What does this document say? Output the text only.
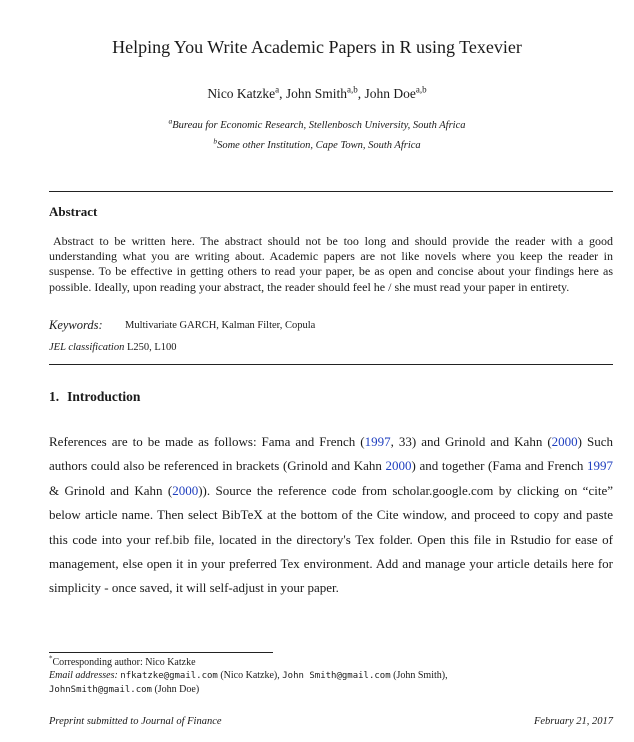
Helping You Write Academic Papers in R using Texevier
Nico Katzke$^a$, John Smith$^{a,b}$, John Doe$^{a,b}$
$^a$Bureau for Economic Research, Stellenbosch University, South Africa
$^b$Some other Institution, Cape Town, South Africa
Abstract
Abstract to be written here. The abstract should not be too long and should provide the reader with a good understanding what you are writing about. Academic papers are not like novels where you keep the reader in suspense. To be effective in getting others to read your paper, be as open and concise about your findings here as possible. Ideally, upon reading your abstract, the reader should feel he / she must read your paper in entirety.
Keywords: Multivariate GARCH, Kalman Filter, Copula
JEL classification L250, L100
1. Introduction
References are to be made as follows: Fama and French (1997, 33) and Grinold and Kahn (2000) Such authors could also be referenced in brackets (Grinold and Kahn 2000) and together (Fama and French 1997 & Grinold and Kahn (2000)). Source the reference code from scholar.google.com by clicking on “cite” below article name. Then select BibTeX at the bottom of the Cite window, and proceed to copy and paste this code into your ref.bib file, located in the directory's Tex folder. Open this file in Rstudio for ease of management, else open it in your preferred Tex environment. Add and manage your article details here for simplicity - once saved, it will self-adjust in your paper.
*Corresponding author: Nico Katzke
Email addresses: nfkatzke@gmail.com (Nico Katzke), John Smith@gmail.com (John Smith),
JohnSmith@gmail.com (John Doe)
Preprint submitted to Journal of Finance	February 21, 2017
